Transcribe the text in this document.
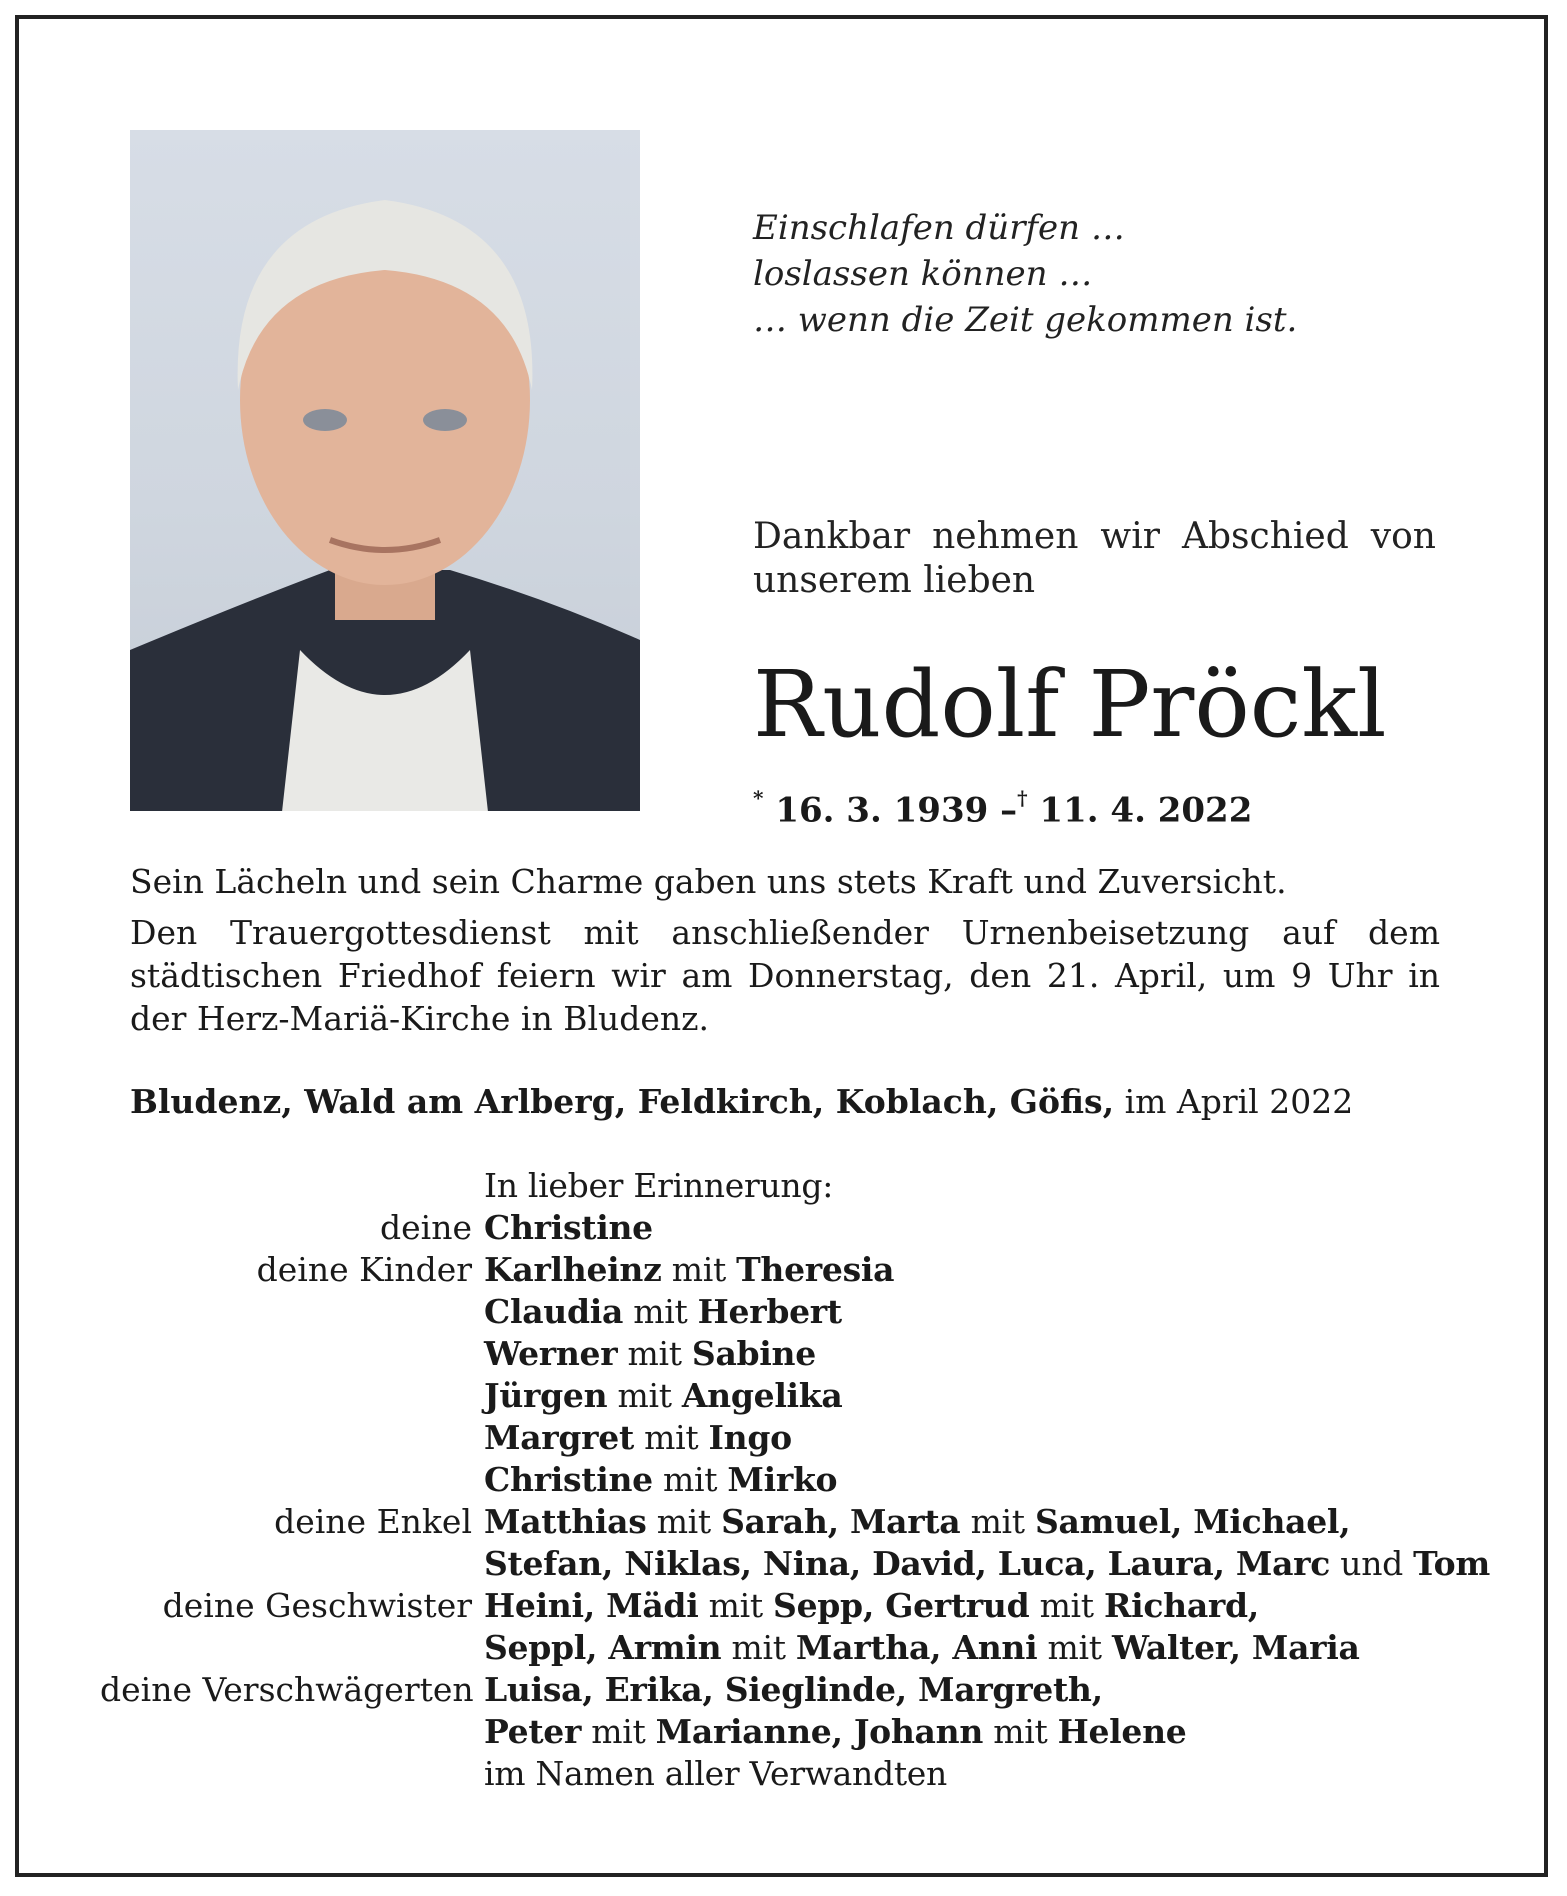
Einschlafen dürfen …
loslassen können …
… wenn die Zeit gekommen ist.
Dankbar nehmen wir Abschied von
unserem lieben
Rudolf Pröckl
* 16. 3. 1939 –† 11. 4. 2022

Sein Lächeln und sein Charme gaben uns stets Kraft und Zuversicht.

Den Trauergottesdienst mit anschließender Urnenbeisetzung auf dem städtischen Friedhof feiern wir am Donnerstag, den 21. April, um 9 Uhr in der Herz-Mariä-Kirche in Bludenz.

Bludenz, Wald am Arlberg, Feldkirch, Koblach, Göfis, im April 2022
In lieber Erinnerung:
deine Christine
deine Kinder Karlheinz mit Theresia
Claudia mit Herbert
Werner mit Sabine
Jürgen mit Angelika
Margret mit Ingo
Christine mit Mirko
deine Enkel Matthias mit Sarah, Marta mit Samuel, Michael,
Stefan, Niklas, Nina, David, Luca, Laura, Marc und Tom
deine Geschwister Heini, Mädi mit Sepp, Gertrud mit Richard,
Seppl, Armin mit Martha, Anni mit Walter, Maria
deine Verschwägerten Luisa, Erika, Sieglinde, Margreth,
Peter mit Marianne, Johann mit Helene
im Namen aller Verwandten
